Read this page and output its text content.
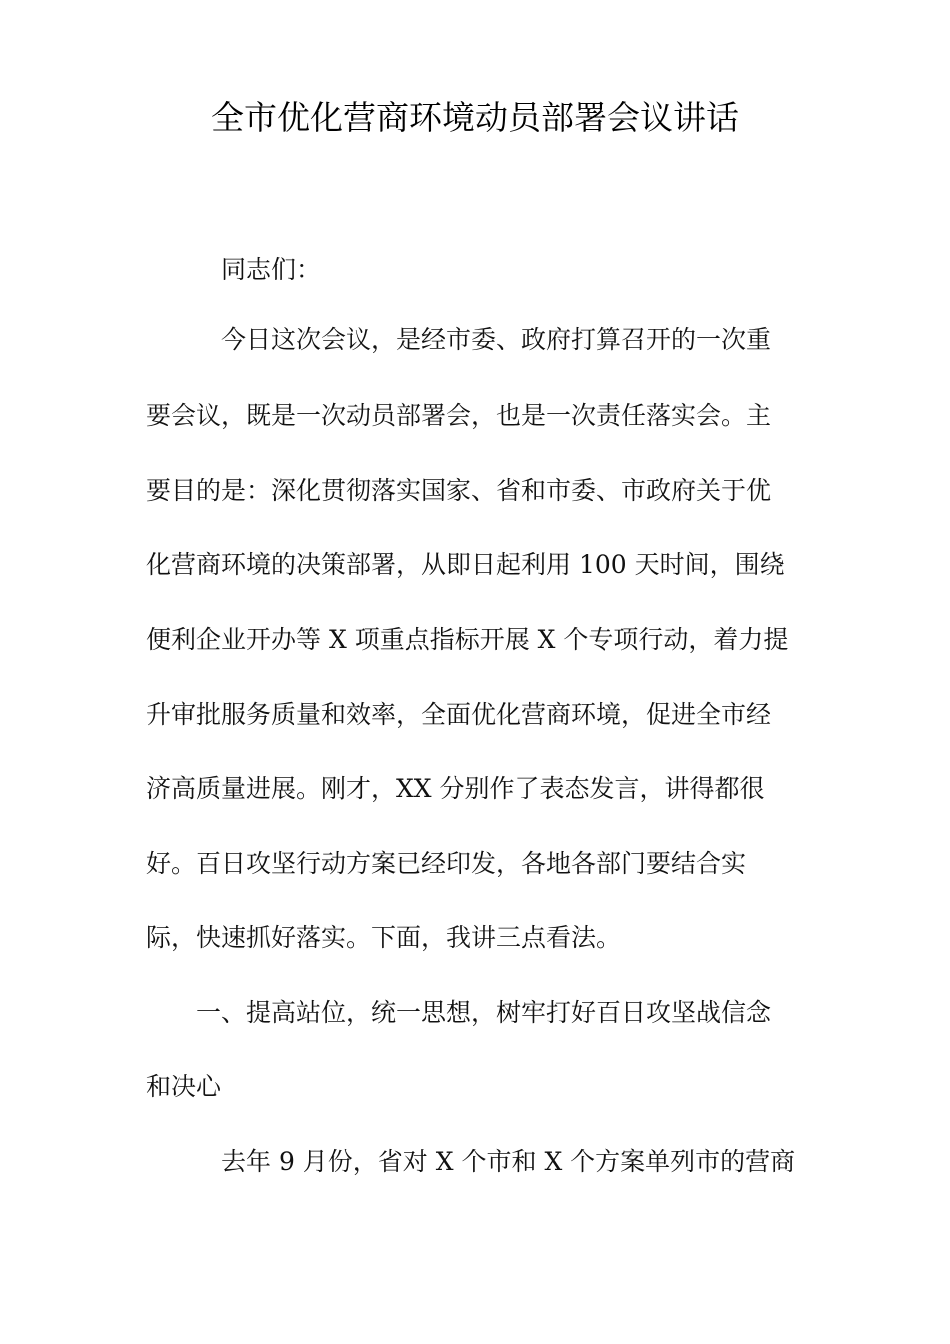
全市优化营商环境动员部署会议讲话
同志们：
今日这次会议，是经市委、政府打算召开的一次重
要会议，既是一次动员部署会，也是一次责任落实会。主
要目的是：深化贯彻落实国家、省和市委、市政府关于优
化营商环境的决策部署，从即日起利用 100 天时间，围绕
便利企业开办等 X 项重点指标开展 X 个专项行动，着力提
升审批服务质量和效率，全面优化营商环境，促进全市经
济高质量进展。刚才，XX 分别作了表态发言，讲得都很
好。百日攻坚行动方案已经印发，各地各部门要结合实
际，快速抓好落实。下面，我讲三点看法。
一、提高站位，统一思想，树牢打好百日攻坚战信念
和决心
去年 9 月份，省对 X 个市和 X 个方案单列市的营商
